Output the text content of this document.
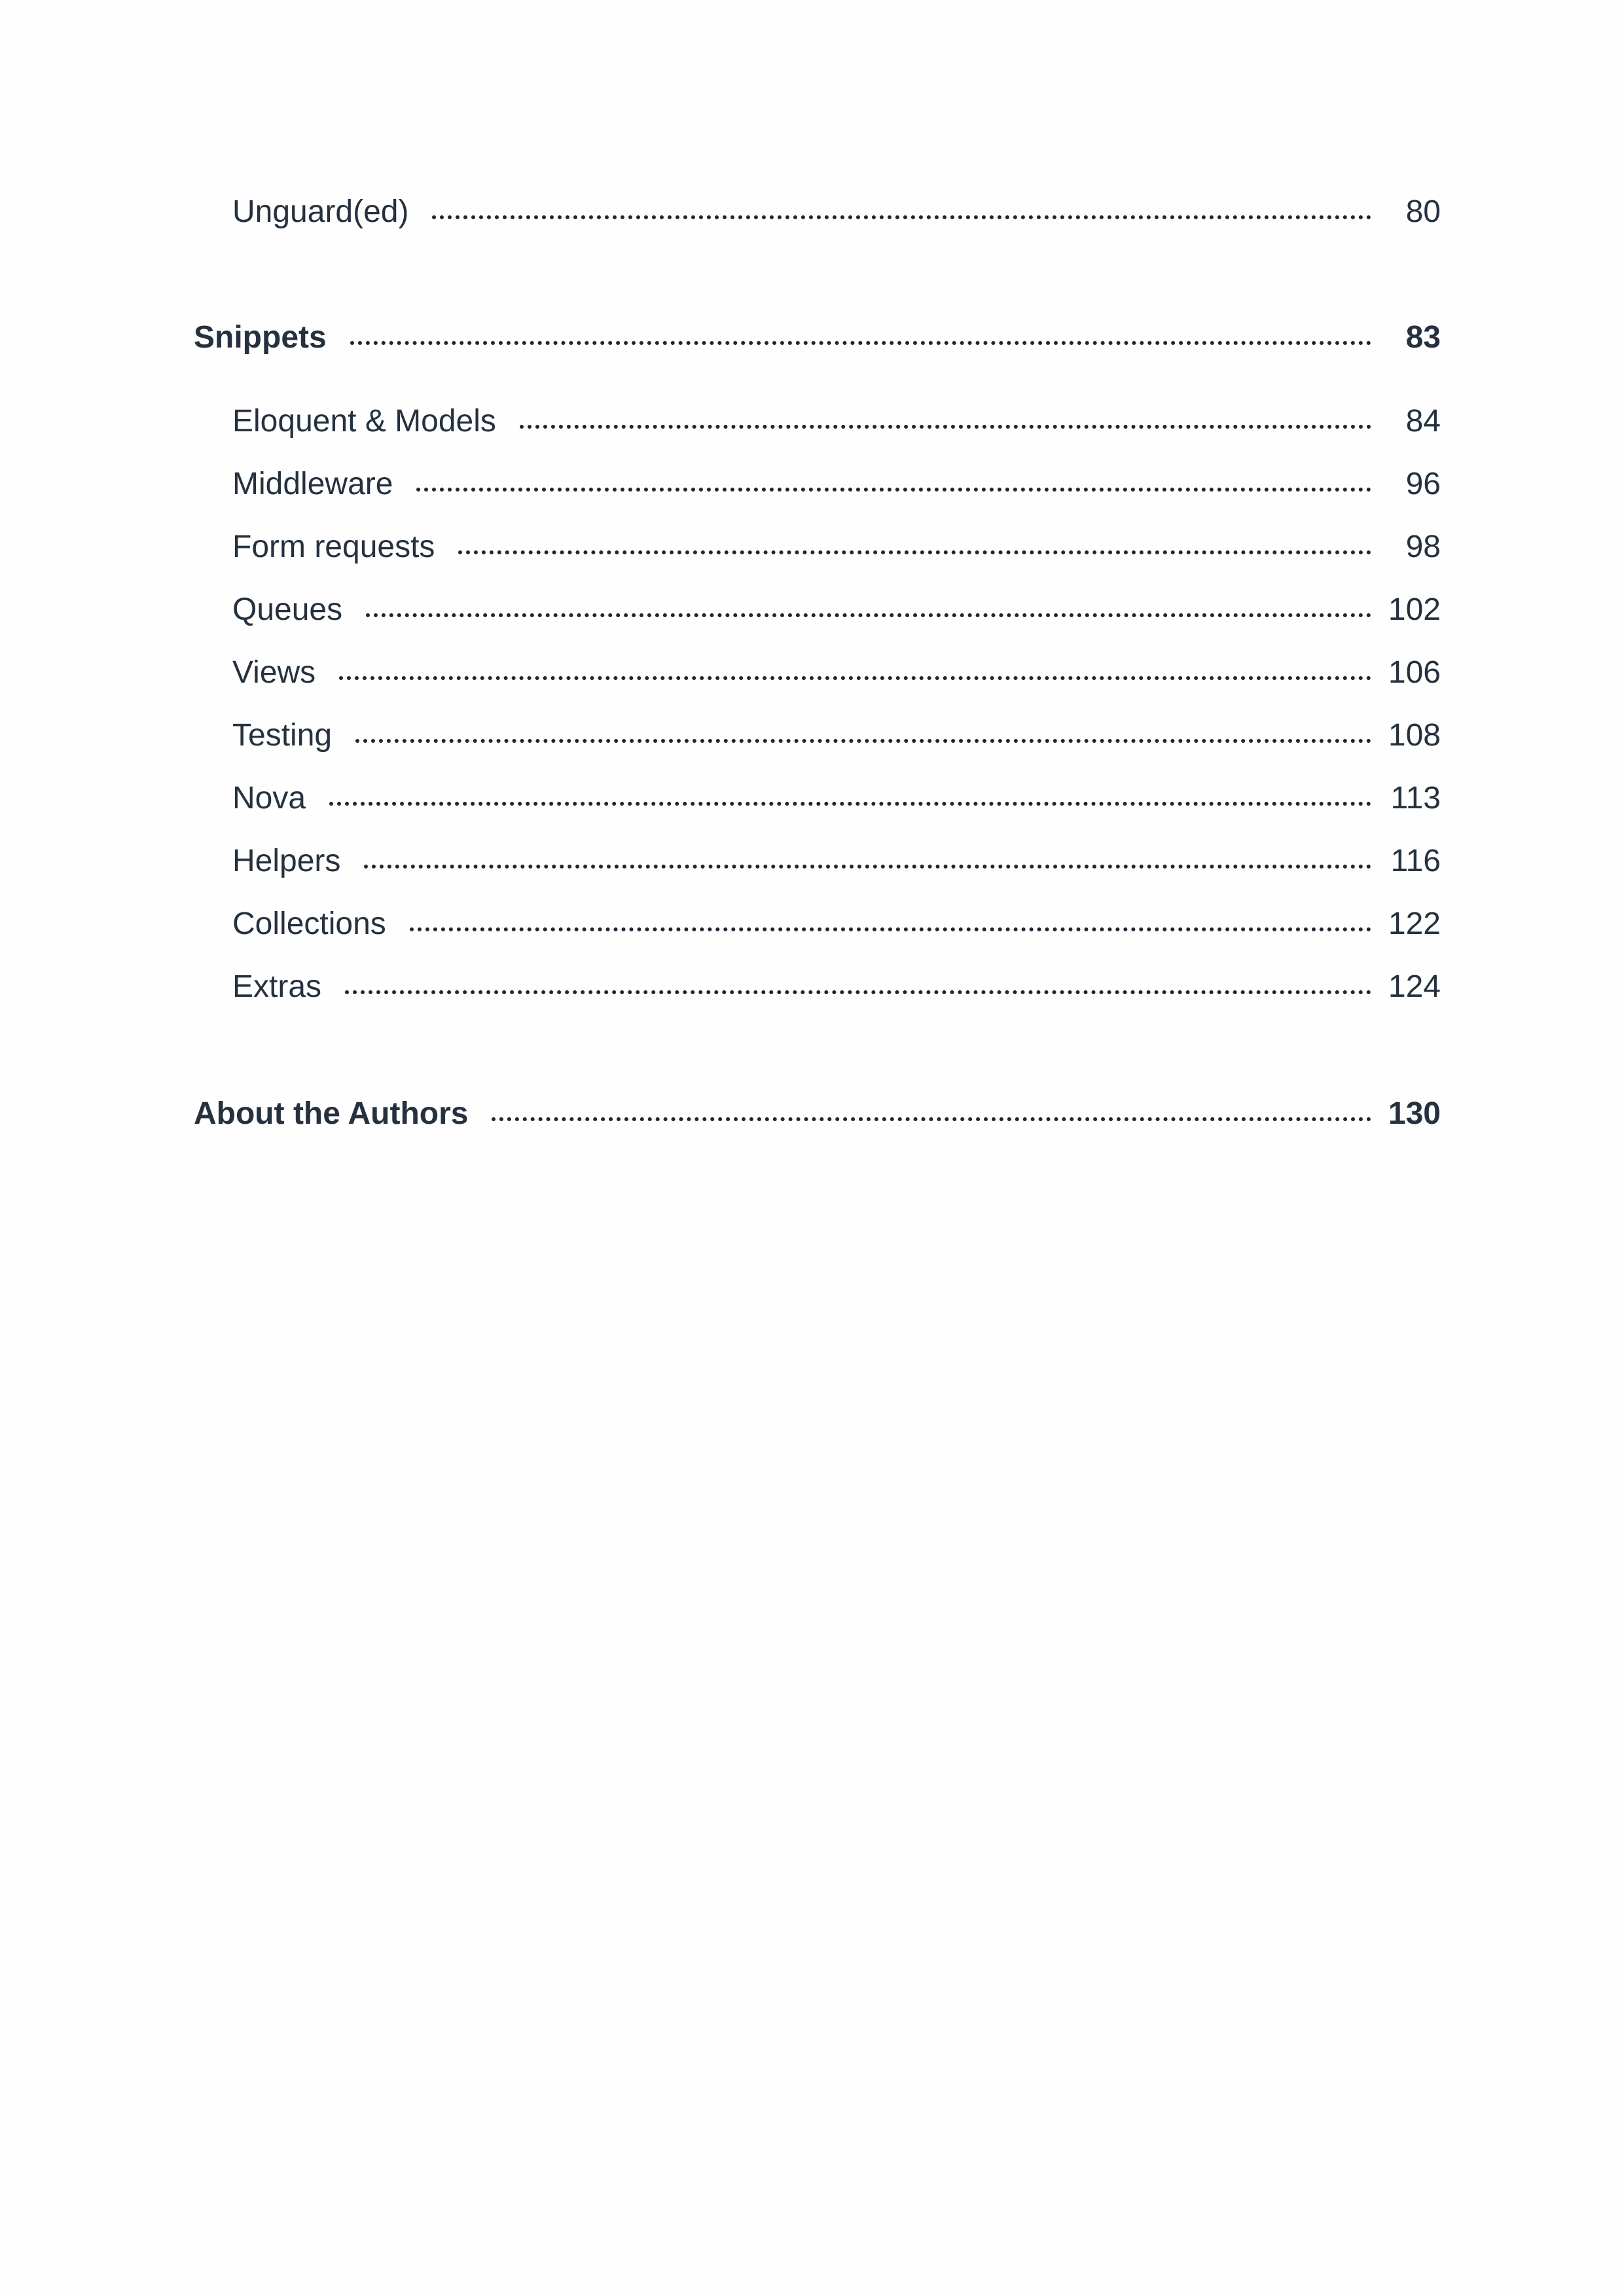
Unguard(ed)	80
Snippets	83
Eloquent & Models	84
Middleware	96
Form requests	98
Queues	102
Views	106
Testing	108
Nova	113
Helpers	116
Collections	122
Extras	124
About the Authors	130
